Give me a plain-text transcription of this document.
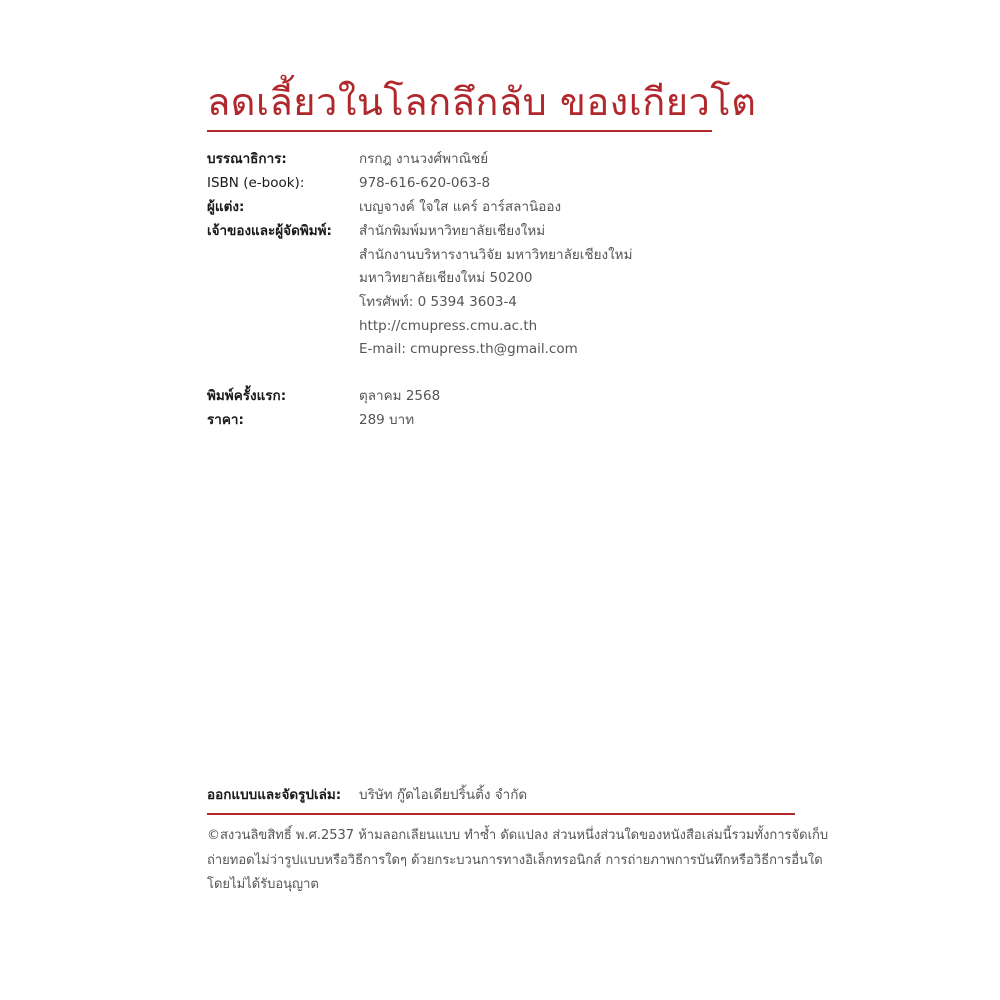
ลดเลี้ยวในโลกลึกลับ ของเกียวโต
บรรณาธิการ:	กรกฎ งานวงศ์พาณิชย์
ISBN (e-book):	978-616-620-063-8
ผู้แต่ง:	เบญจางค์ ใจใส แคร์ อาร์สลานิออง
เจ้าของและผู้จัดพิมพ์:	สำนักพิมพ์มหาวิทยาลัยเชียงใหม่
สำนักงานบริหารงานวิจัย มหาวิทยาลัยเชียงใหม่
มหาวิทยาลัยเชียงใหม่ 50200
โทรศัพท์: 0 5394 3603-4
http://cmupress.cmu.ac.th
E-mail: cmupress.th@gmail.com
พิมพ์ครั้งแรก:	ตุลาคม 2568
ราคา:	289 บาท
ออกแบบและจัดรูปเล่ม: บริษัท กู๊ดไอเดียปริ้นติ้ง จำกัด
©สงวนลิขสิทธิ์ พ.ศ.2537 ห้ามลอกเลียนแบบ ทำซ้ำ ดัดแปลง ส่วนหนึ่งส่วนใดของหนังสือเล่มนี้รวมทั้งการจัดเก็บ
ถ่ายทอดไม่ว่ารูปแบบหรือวิธีการใดๆ ด้วยกระบวนการทางอิเล็กทรอนิกส์ การถ่ายภาพการบันทึกหรือวิธีการอื่นใด
โดยไม่ได้รับอนุญาต
